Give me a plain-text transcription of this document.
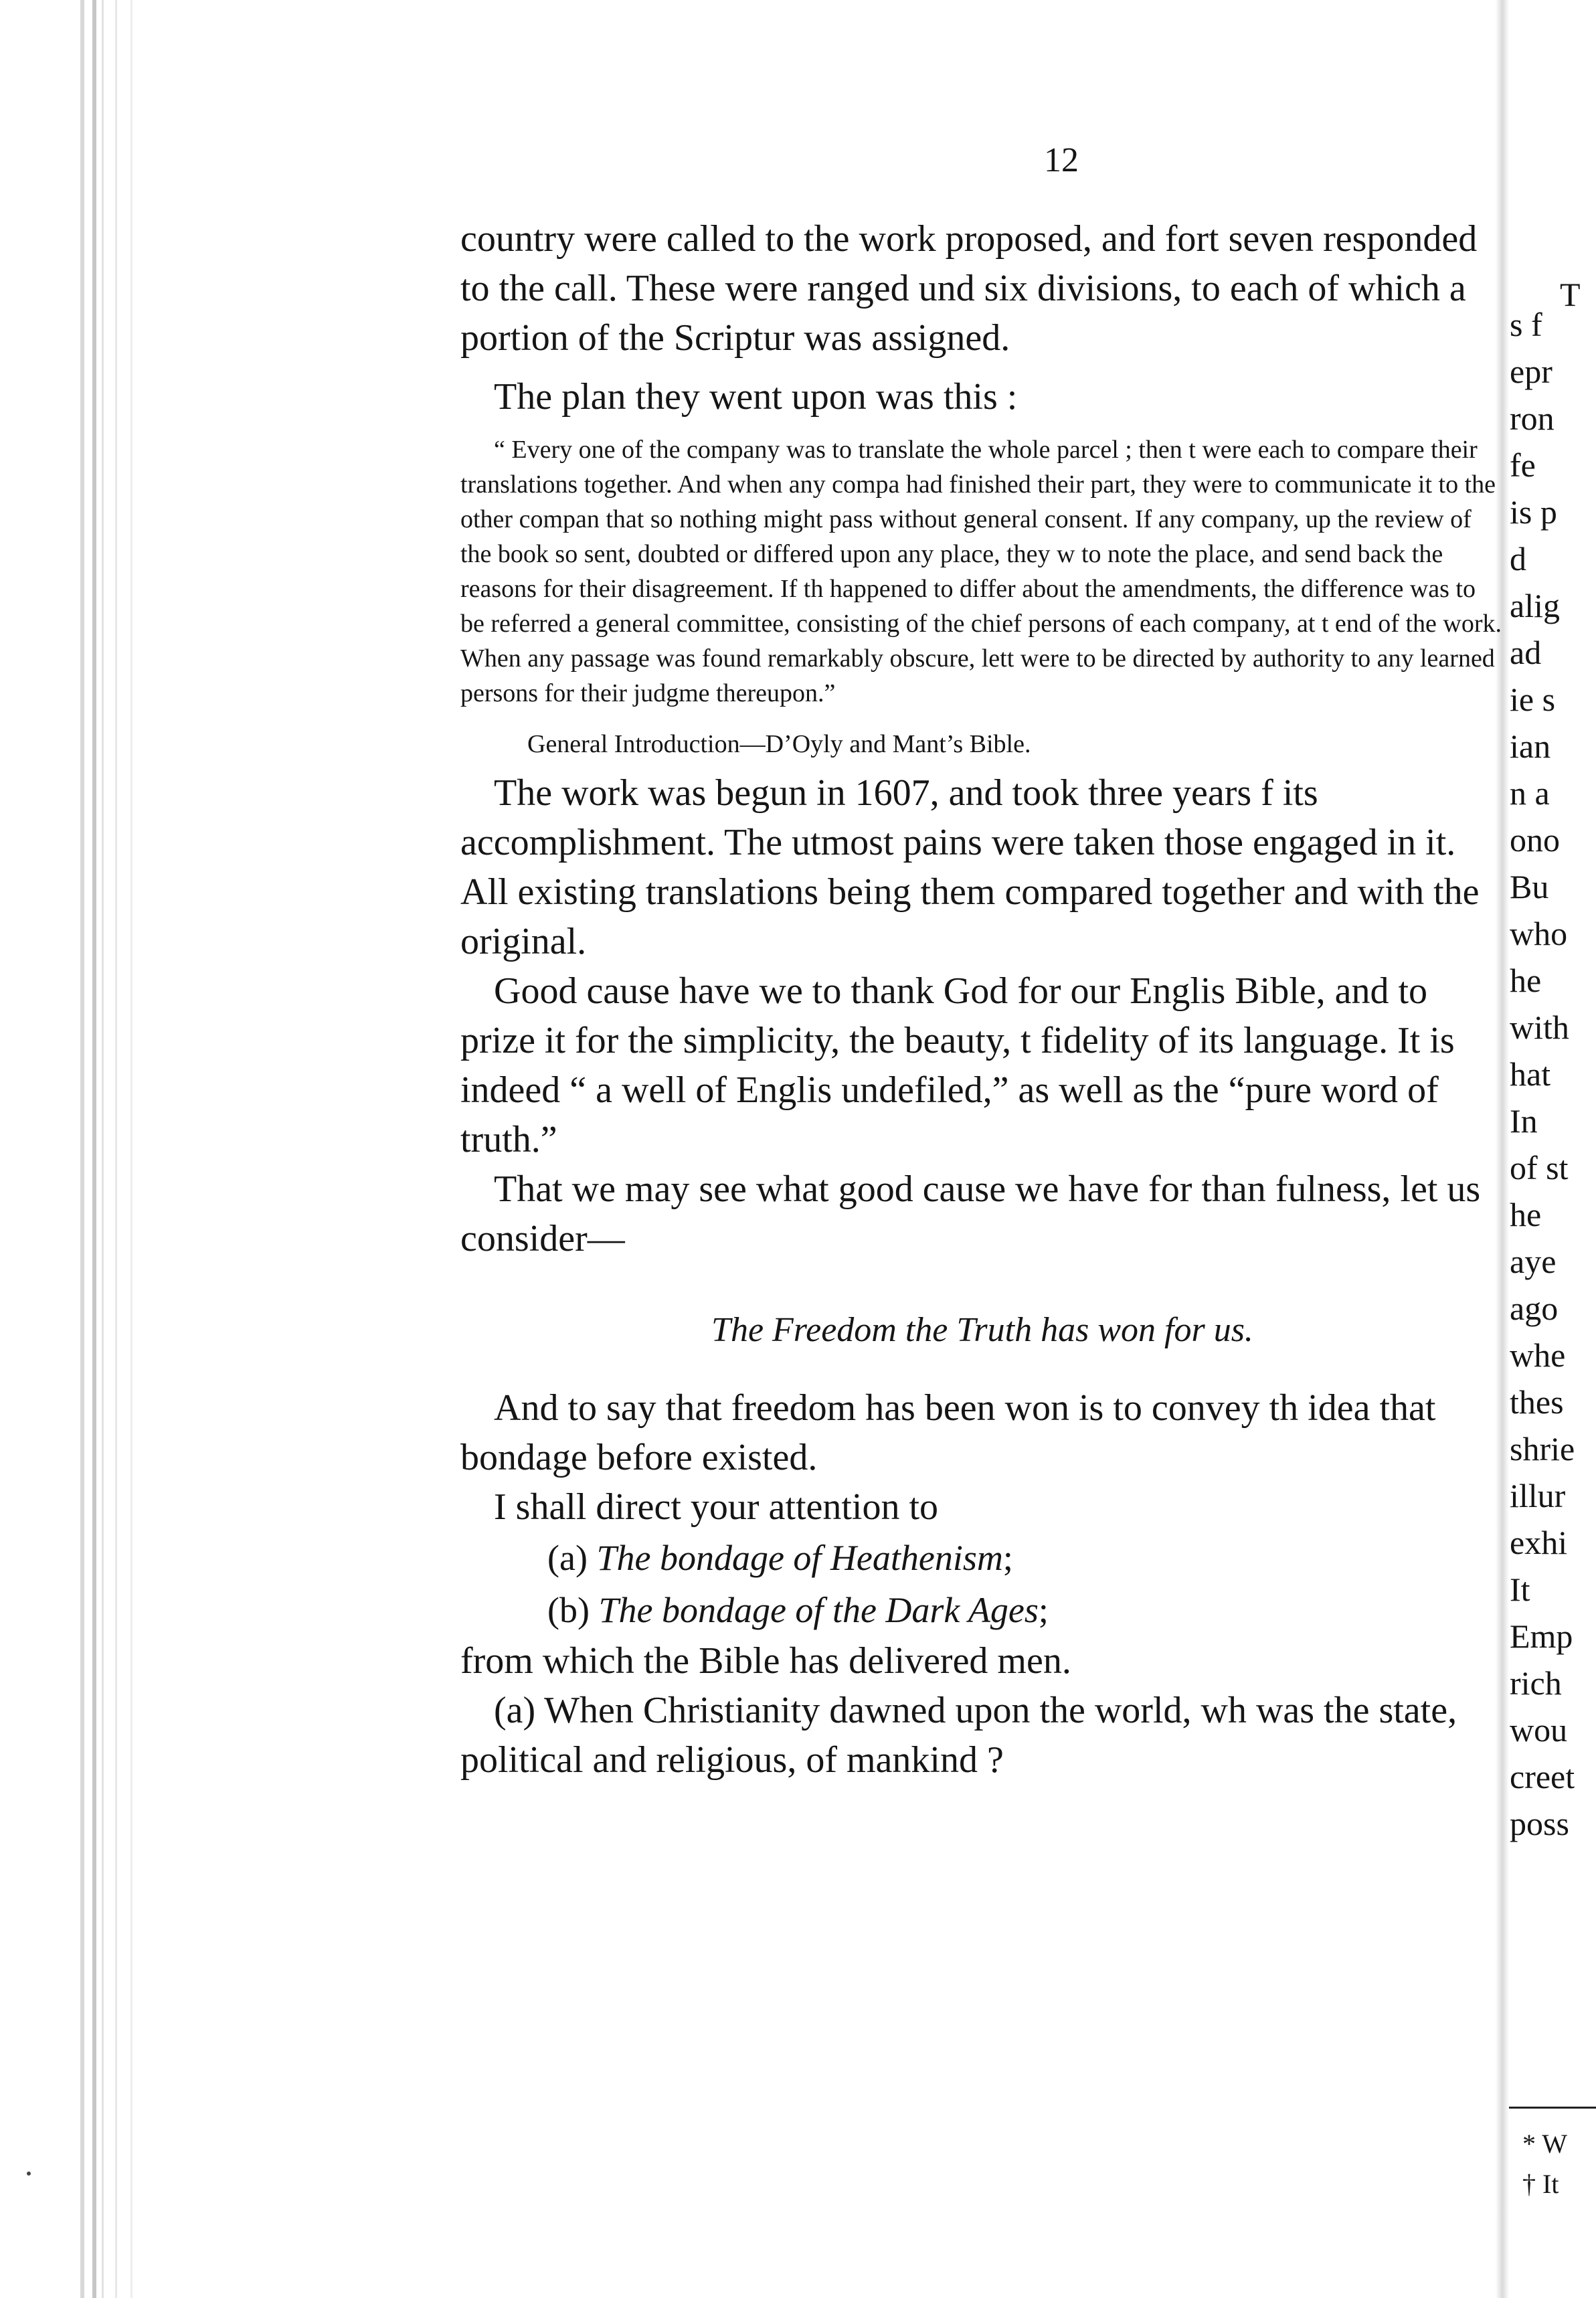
12

country were called to the work proposed, and fort seven responded to the call. These were ranged und six divisions, to each of which a portion of the Scriptur was assigned.

The plan they went upon was this :

“ Every one of the company was to translate the whole parcel ; then t were each to compare their translations together. And when any compa had finished their part, they were to communicate it to the other compan that so nothing might pass without general consent. If any company, up the review of the book so sent, doubted or differed upon any place, they w to note the place, and send back the reasons for their disagreement. If th happened to differ about the amendments, the difference was to be referred a general committee, consisting of the chief persons of each company, at t end of the work. When any passage was found remarkably obscure, lett were to be directed by authority to any learned persons for their judgme thereupon.”

General Introduction—D’Oyly and Mant’s Bible.

The work was begun in 1607, and took three years f its accomplishment. The utmost pains were taken those engaged in it. All existing translations being them compared together and with the original.

Good cause have we to thank God for our Englis Bible, and to prize it for the simplicity, the beauty, t fidelity of its language. It is indeed “ a well of Englis undefiled,” as well as the “pure word of truth.”

That we may see what good cause we have for than fulness, let us consider—

The Freedom the Truth has won for us.

And to say that freedom has been won is to convey th idea that bondage before existed.

I shall direct your attention to

(a) The bondage of Heathenism;
(b) The bondage of the Dark Ages;

from which the Bible has delivered men.

(a) When Christianity dawned upon the world, wh was the state, political and religious, of mankind ?

T
s f
epr
ron
fe
is p
d
alig
ad
ie s
ian
n a
ono
Bu
who
he
with
hat
In
of st
he
aye
ago
whe
thes
shrie
illur
exhi
It
Emp
rich
wou
creet
poss
* W
† It
